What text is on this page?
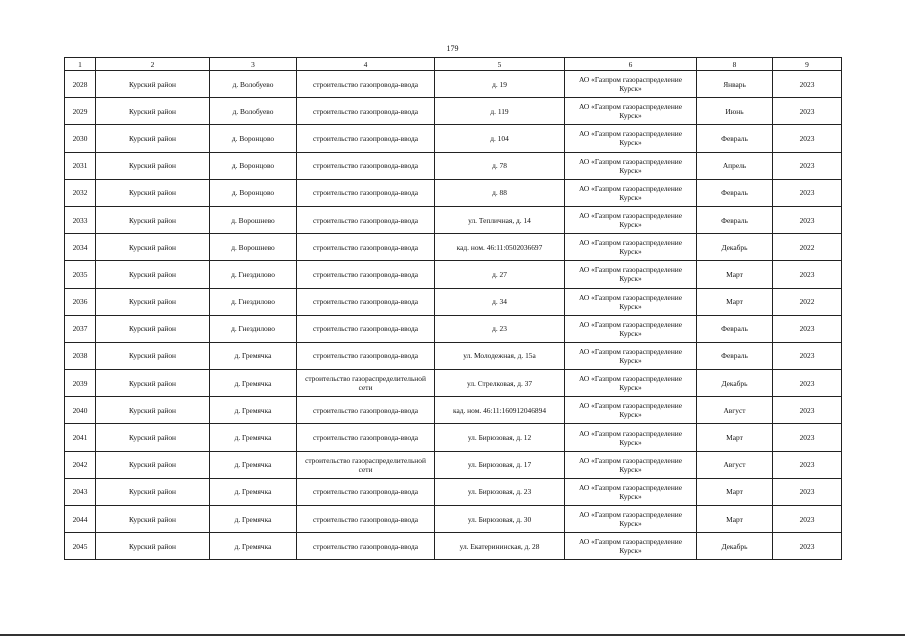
179
1	2	3	4	5	6	8	9
2028	Курский район	д. Волобуево	строительство газопровода-ввода	д. 19	АО «Газпром газораспределение Курск»	Январь	2023
2029	Курский район	д. Волобуево	строительство газопровода-ввода	д. 119	АО «Газпром газораспределение Курск»	Июнь	2023
2030	Курский район	д. Воронцово	строительство газопровода-ввода	д. 104	АО «Газпром газораспределение Курск»	Февраль	2023
2031	Курский район	д. Воронцово	строительство газопровода-ввода	д. 78	АО «Газпром газораспределение Курск»	Апрель	2023
2032	Курский район	д. Воронцово	строительство газопровода-ввода	д. 88	АО «Газпром газораспределение Курск»	Февраль	2023
2033	Курский район	д. Ворошнево	строительство газопровода-ввода	ул. Тепличная, д. 14	АО «Газпром газораспределение Курск»	Февраль	2023
2034	Курский район	д. Ворошнево	строительство газопровода-ввода	кад. ном. 46:11:0502036697	АО «Газпром газораспределение Курск»	Декабрь	2022
2035	Курский район	д. Гнездилово	строительство газопровода-ввода	д. 27	АО «Газпром газораспределение Курск»	Март	2023
2036	Курский район	д. Гнездилово	строительство газопровода-ввода	д. 34	АО «Газпром газораспределение Курск»	Март	2022
2037	Курский район	д. Гнездилово	строительство газопровода-ввода	д. 23	АО «Газпром газораспределение Курск»	Февраль	2023
2038	Курский район	д. Гремячка	строительство газопровода-ввода	ул. Молодежная, д. 15а	АО «Газпром газораспределение Курск»	Февраль	2023
2039	Курский район	д. Гремячка	строительство газораспределительной сети	ул. Стрелковая, д. 37	АО «Газпром газораспределение Курск»	Декабрь	2023
2040	Курский район	д. Гремячка	строительство газопровода-ввода	кад. ном. 46:11:160912046894	АО «Газпром газораспределение Курск»	Август	2023
2041	Курский район	д. Гремячка	строительство газопровода-ввода	ул. Бирюзовая, д. 12	АО «Газпром газораспределение Курск»	Март	2023
2042	Курский район	д. Гремячка	строительство газораспределительной сети	ул. Бирюзовая, д. 17	АО «Газпром газораспределение Курск»	Август	2023
2043	Курский район	д. Гремячка	строительство газопровода-ввода	ул. Бирюзовая, д. 23	АО «Газпром газораспределение Курск»	Март	2023
2044	Курский район	д. Гремячка	строительство газопровода-ввода	ул. Бирюзовая, д. 30	АО «Газпром газораспределение Курск»	Март	2023
2045	Курский район	д. Гремячка	строительство газопровода-ввода	ул. Екатерининская, д. 28	АО «Газпром газораспределение Курск»	Декабрь	2023
